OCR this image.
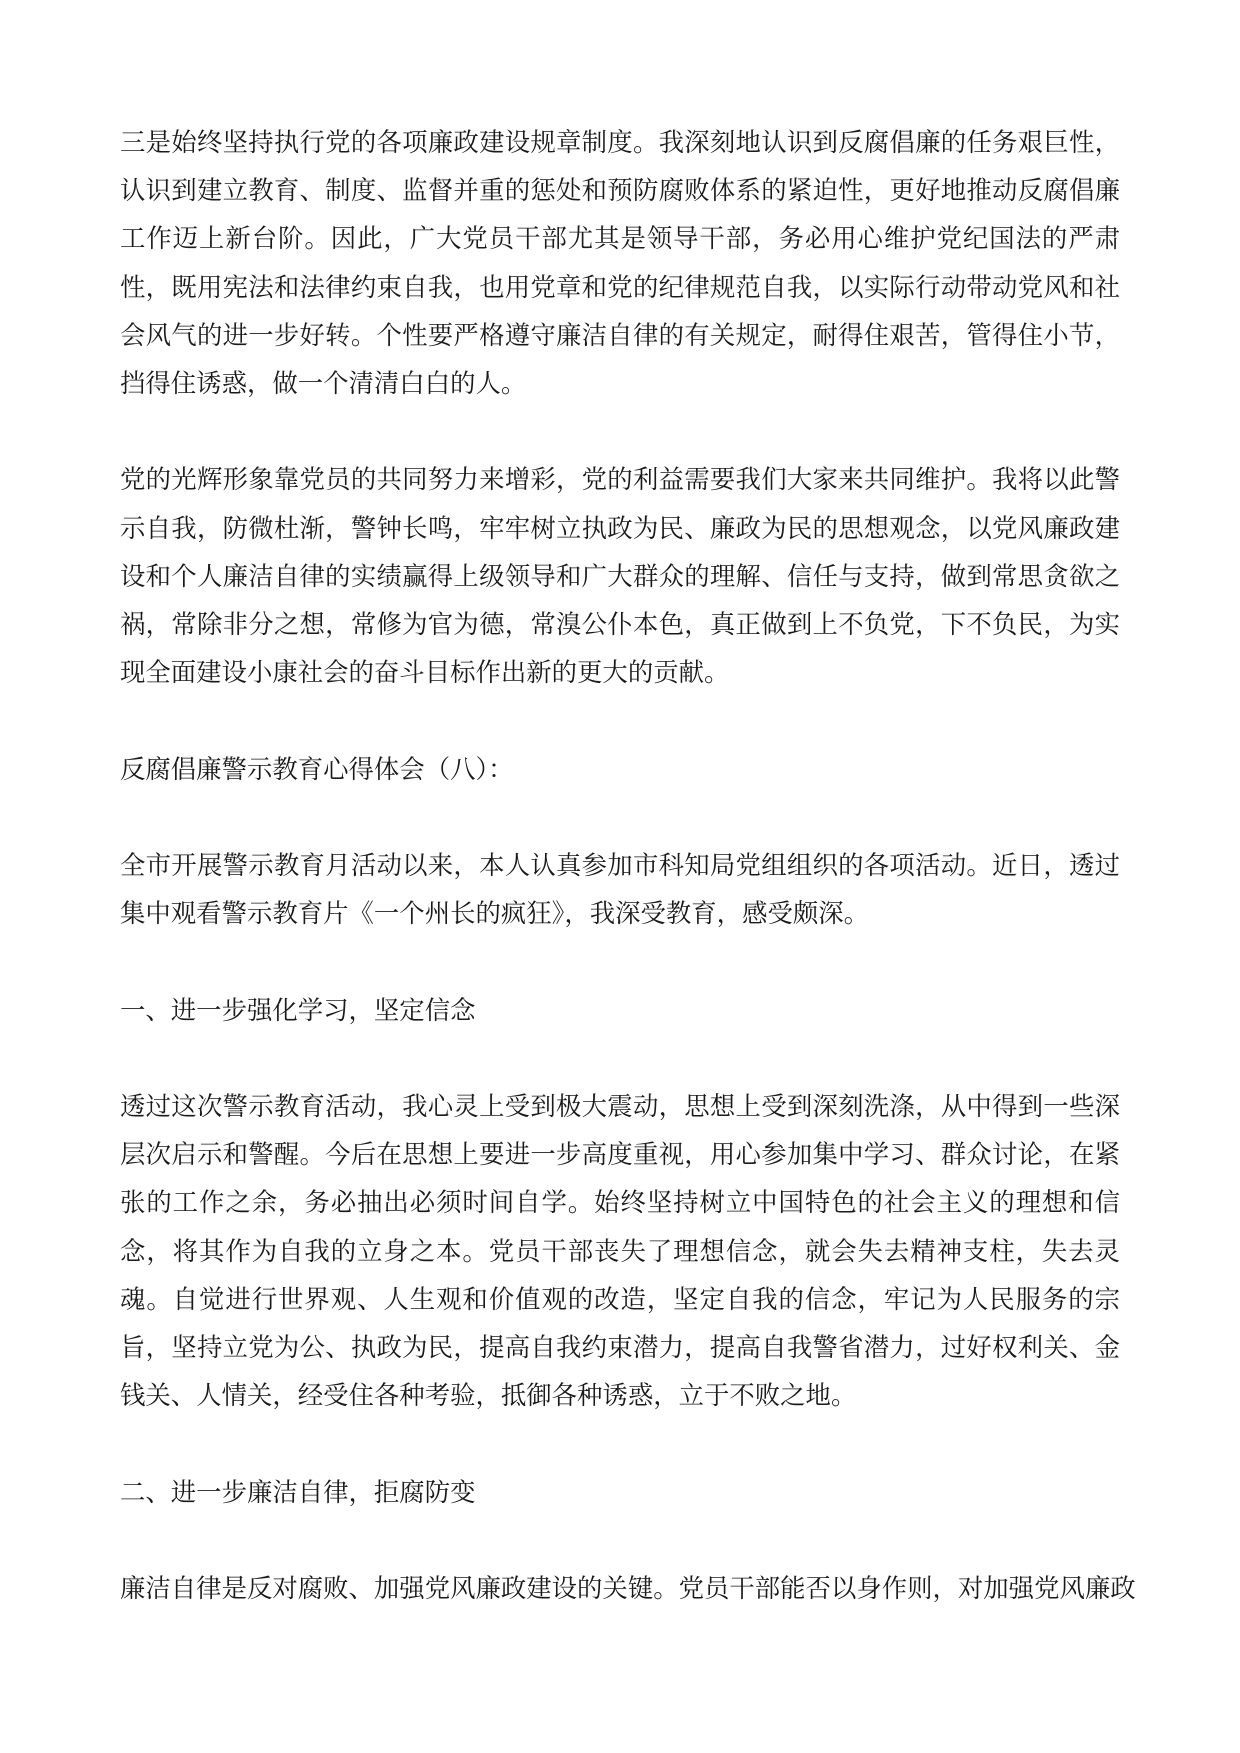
三是始终坚持执行党的各项廉政建设规章制度。我深刻地认识到反腐倡廉的任务艰巨性，认识到建立教育、制度、监督并重的惩处和预防腐败体系的紧迫性，更好地推动反腐倡廉工作迈上新台阶。因此，广大党员干部尤其是领导干部，务必用心维护党纪国法的严肃性，既用宪法和法律约束自我，也用党章和党的纪律规范自我，以实际行动带动党风和社会风气的进一步好转。个性要严格遵守廉洁自律的有关规定，耐得住艰苦，管得住小节，挡得住诱惑，做一个清清白白的人。

党的光辉形象靠党员的共同努力来增彩，党的利益需要我们大家来共同维护。我将以此警示自我，防微杜渐，警钟长鸣，牢牢树立执政为民、廉政为民的思想观念，以党风廉政建设和个人廉洁自律的实绩赢得上级领导和广大群众的理解、信任与支持，做到常思贪欲之祸，常除非分之想，常修为官为德，常溴公仆本色，真正做到上不负党，下不负民，为实现全面建设小康社会的奋斗目标作出新的更大的贡献。

反腐倡廉警示教育心得体会（八）：

全市开展警示教育月活动以来，本人认真参加市科知局党组组织的各项活动。近日，透过集中观看警示教育片《一个州长的疯狂》，我深受教育，感受颇深。

一、进一步强化学习，坚定信念

透过这次警示教育活动，我心灵上受到极大震动，思想上受到深刻洗涤，从中得到一些深层次启示和警醒。今后在思想上要进一步高度重视，用心参加集中学习、群众讨论，在紧张的工作之余，务必抽出必须时间自学。始终坚持树立中国特色的社会主义的理想和信念，将其作为自我的立身之本。党员干部丧失了理想信念，就会失去精神支柱，失去灵魂。自觉进行世界观、人生观和价值观的改造，坚定自我的信念，牢记为人民服务的宗旨，坚持立党为公、执政为民，提高自我约束潜力，提高自我警省潜力，过好权利关、金钱关、人情关，经受住各种考验，抵御各种诱惑，立于不败之地。

二、进一步廉洁自律，拒腐防变

廉洁自律是反对腐败、加强党风廉政建设的关键。党员干部能否以身作则，对加强党风廉政
